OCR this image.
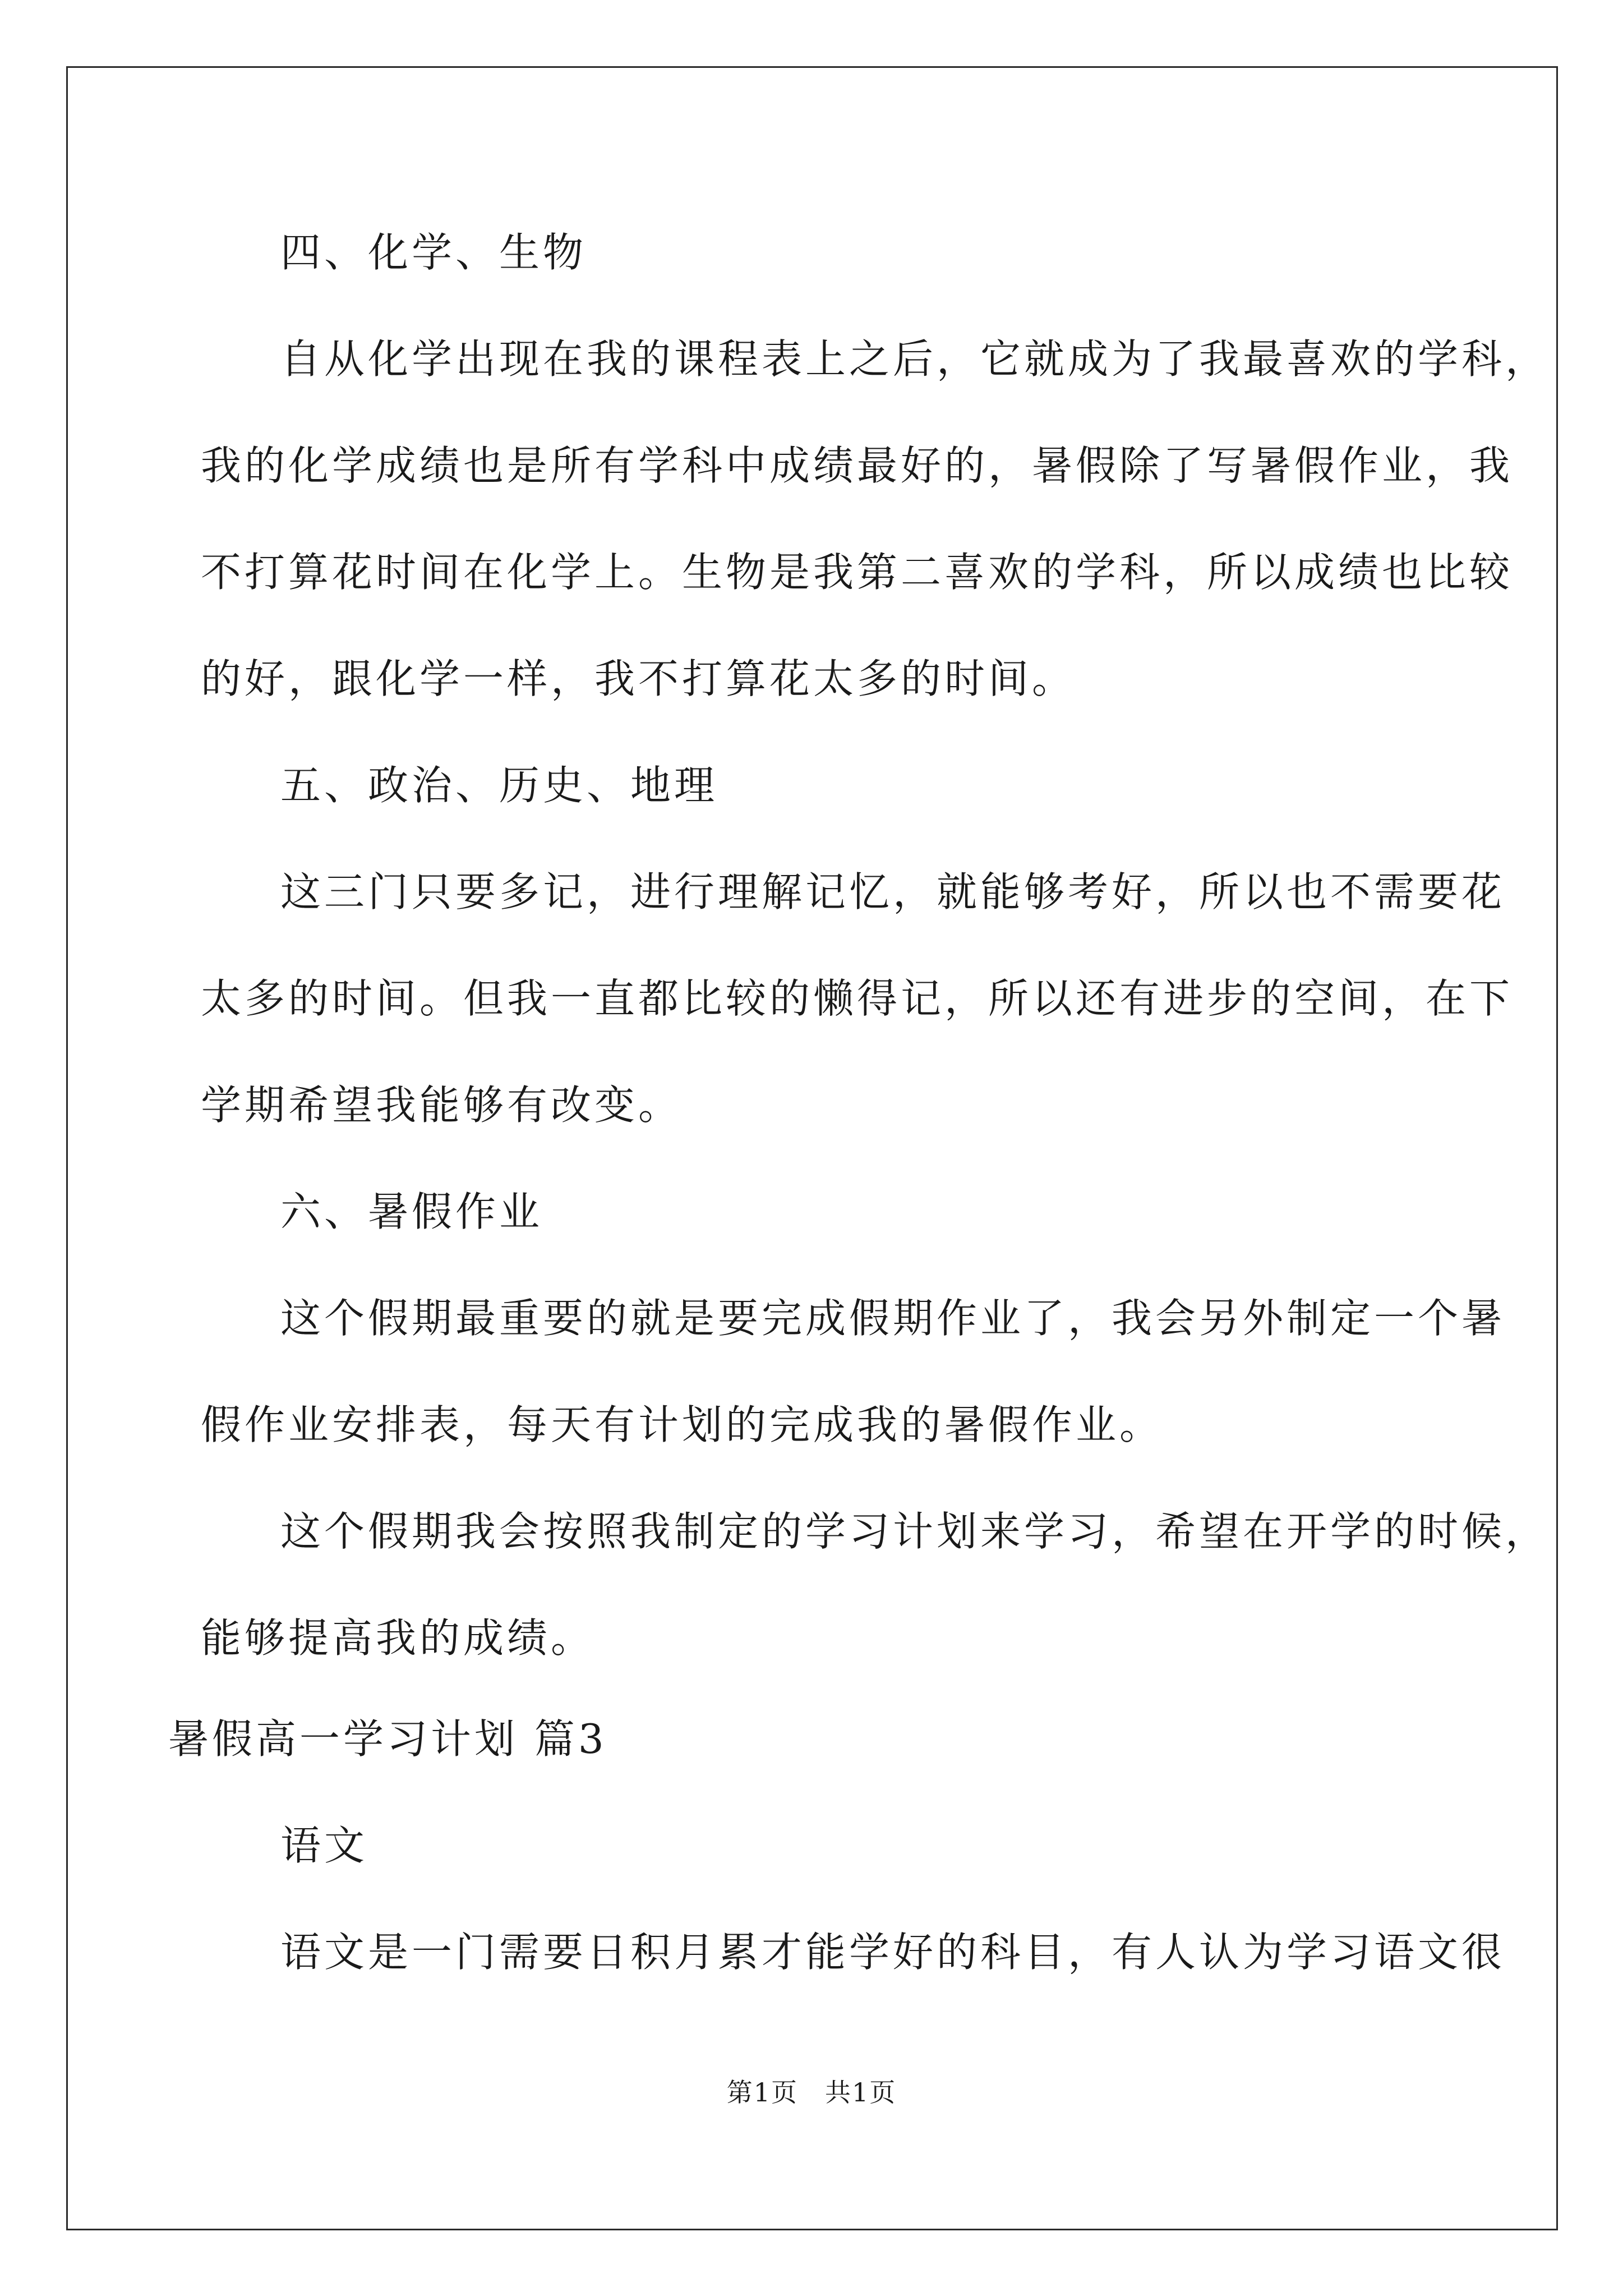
四、化学、生物
自从化学出现在我的课程表上之后，它就成为了我最喜欢的学科，
我的化学成绩也是所有学科中成绩最好的，暑假除了写暑假作业，我
不打算花时间在化学上。生物是我第二喜欢的学科，所以成绩也比较
的好，跟化学一样，我不打算花太多的时间。
五、政治、历史、地理
这三门只要多记，进行理解记忆，就能够考好，所以也不需要花
太多的时间。但我一直都比较的懒得记，所以还有进步的空间，在下
学期希望我能够有改变。
六、暑假作业
这个假期最重要的就是要完成假期作业了，我会另外制定一个暑
假作业安排表，每天有计划的完成我的暑假作业。
这个假期我会按照我制定的学习计划来学习，希望在开学的时候，
能够提高我的成绩。
暑假高一学习计划 篇3
语文
语文是一门需要日积月累才能学好的科目，有人认为学习语文很
第1页　共1页
